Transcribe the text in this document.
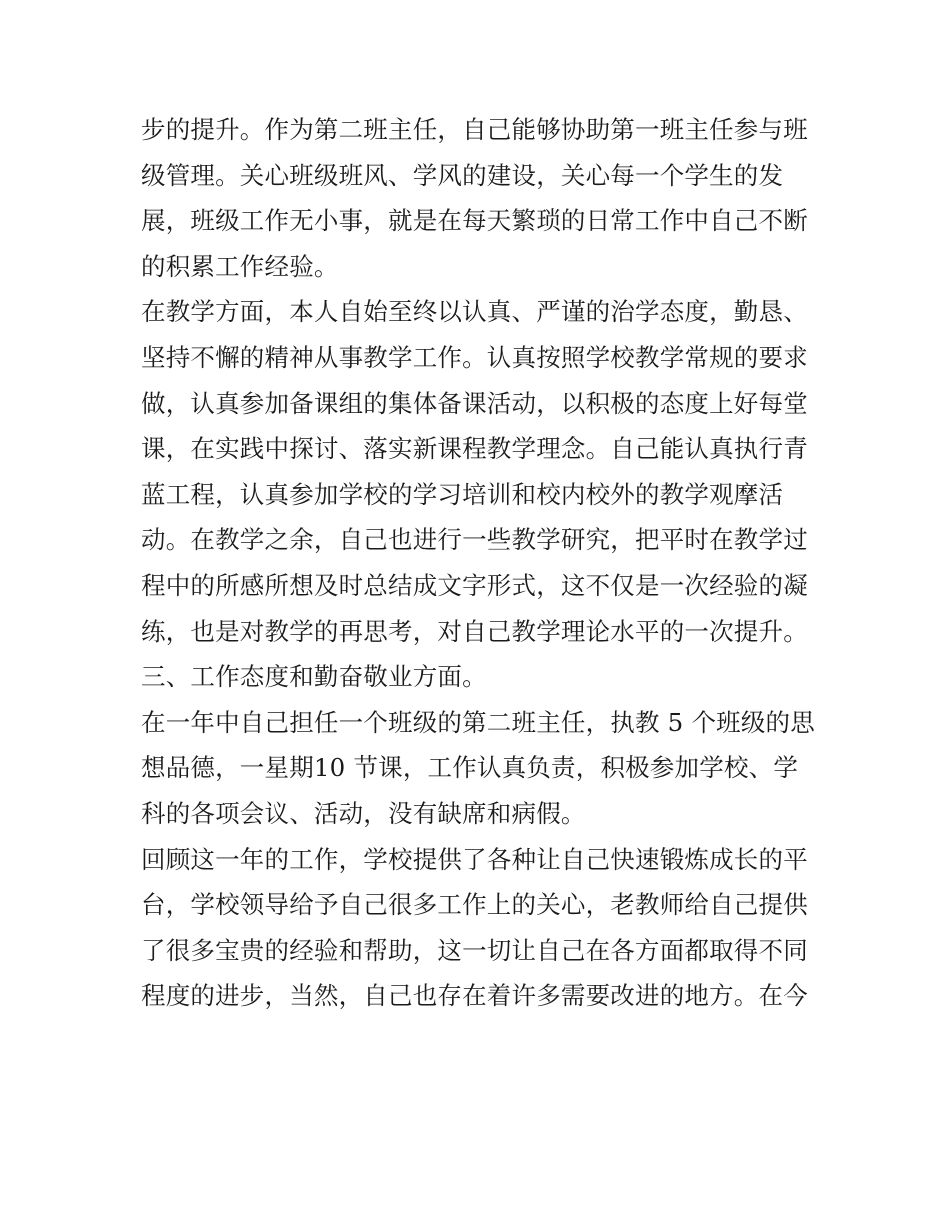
步的提升。作为第二班主任，自己能够协助第一班主任参与班
级管理。关心班级班风、学风的建设，关心每一个学生的发
展，班级工作无小事，就是在每天繁琐的日常工作中自己不断
的积累工作经验。
在教学方面，本人自始至终以认真、严谨的治学态度，勤恳、
坚持不懈的精神从事教学工作。认真按照学校教学常规的要求
做，认真参加备课组的集体备课活动，以积极的态度上好每堂
课，在实践中探讨、落实新课程教学理念。自己能认真执行青
蓝工程，认真参加学校的学习培训和校内校外的教学观摩活
动。在教学之余，自己也进行一些教学研究，把平时在教学过
程中的所感所想及时总结成文字形式，这不仅是一次经验的凝
练，也是对教学的再思考，对自己教学理论水平的一次提升。
三、工作态度和勤奋敬业方面。
在一年中自己担任一个班级的第二班主任，执教 5 个班级的思
想品德，一星期10 节课，工作认真负责，积极参加学校、学
科的各项会议、活动，没有缺席和病假。
回顾这一年的工作，学校提供了各种让自己快速锻炼成长的平
台，学校领导给予自己很多工作上的关心，老教师给自己提供
了很多宝贵的经验和帮助，这一切让自己在各方面都取得不同
程度的进步，当然，自己也存在着许多需要改进的地方。在今
